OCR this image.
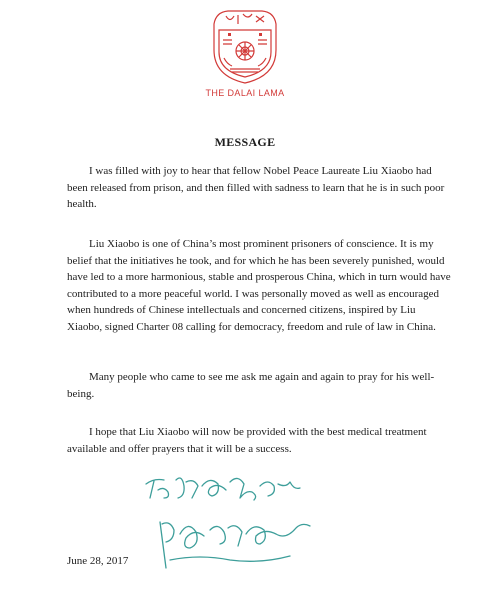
THE DALAI LAMA
MESSAGE

I was filled with joy to hear that fellow Nobel Peace Laureate Liu Xiaobo had been released from prison, and then filled with sadness to learn that he is in such poor health.

Liu Xiaobo is one of China’s most prominent prisoners of conscience. It is my belief that the initiatives he took, and for which he has been severely punished, would have led to a more harmonious, stable and prosperous China, which in turn would have contributed to a more peaceful world. I was personally moved as well as encouraged when hundreds of Chinese intellectuals and concerned citizens, inspired by Liu Xiaobo, signed Charter 08 calling for democracy, freedom and rule of law in China.

Many people who came to see me ask me again and again to pray for his well-being.

I hope that Liu Xiaobo will now be provided with the best medical treatment available and offer prayers that it will be a success.

June 28, 2017
